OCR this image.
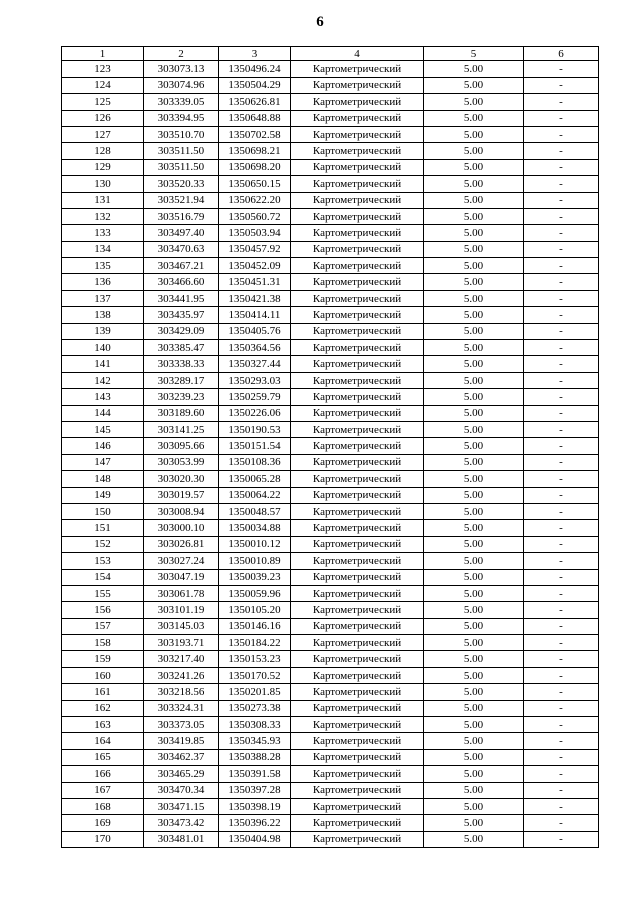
6
1	2	3	4	5	6
123	303073.13	1350496.24	Картометрический	5.00	-
124	303074.96	1350504.29	Картометрический	5.00	-
125	303339.05	1350626.81	Картометрический	5.00	-
126	303394.95	1350648.88	Картометрический	5.00	-
127	303510.70	1350702.58	Картометрический	5.00	-
128	303511.50	1350698.21	Картометрический	5.00	-
129	303511.50	1350698.20	Картометрический	5.00	-
130	303520.33	1350650.15	Картометрический	5.00	-
131	303521.94	1350622.20	Картометрический	5.00	-
132	303516.79	1350560.72	Картометрический	5.00	-
133	303497.40	1350503.94	Картометрический	5.00	-
134	303470.63	1350457.92	Картометрический	5.00	-
135	303467.21	1350452.09	Картометрический	5.00	-
136	303466.60	1350451.31	Картометрический	5.00	-
137	303441.95	1350421.38	Картометрический	5.00	-
138	303435.97	1350414.11	Картометрический	5.00	-
139	303429.09	1350405.76	Картометрический	5.00	-
140	303385.47	1350364.56	Картометрический	5.00	-
141	303338.33	1350327.44	Картометрический	5.00	-
142	303289.17	1350293.03	Картометрический	5.00	-
143	303239.23	1350259.79	Картометрический	5.00	-
144	303189.60	1350226.06	Картометрический	5.00	-
145	303141.25	1350190.53	Картометрический	5.00	-
146	303095.66	1350151.54	Картометрический	5.00	-
147	303053.99	1350108.36	Картометрический	5.00	-
148	303020.30	1350065.28	Картометрический	5.00	-
149	303019.57	1350064.22	Картометрический	5.00	-
150	303008.94	1350048.57	Картометрический	5.00	-
151	303000.10	1350034.88	Картометрический	5.00	-
152	303026.81	1350010.12	Картометрический	5.00	-
153	303027.24	1350010.89	Картометрический	5.00	-
154	303047.19	1350039.23	Картометрический	5.00	-
155	303061.78	1350059.96	Картометрический	5.00	-
156	303101.19	1350105.20	Картометрический	5.00	-
157	303145.03	1350146.16	Картометрический	5.00	-
158	303193.71	1350184.22	Картометрический	5.00	-
159	303217.40	1350153.23	Картометрический	5.00	-
160	303241.26	1350170.52	Картометрический	5.00	-
161	303218.56	1350201.85	Картометрический	5.00	-
162	303324.31	1350273.38	Картометрический	5.00	-
163	303373.05	1350308.33	Картометрический	5.00	-
164	303419.85	1350345.93	Картометрический	5.00	-
165	303462.37	1350388.28	Картометрический	5.00	-
166	303465.29	1350391.58	Картометрический	5.00	-
167	303470.34	1350397.28	Картометрический	5.00	-
168	303471.15	1350398.19	Картометрический	5.00	-
169	303473.42	1350396.22	Картометрический	5.00	-
170	303481.01	1350404.98	Картометрический	5.00	-
